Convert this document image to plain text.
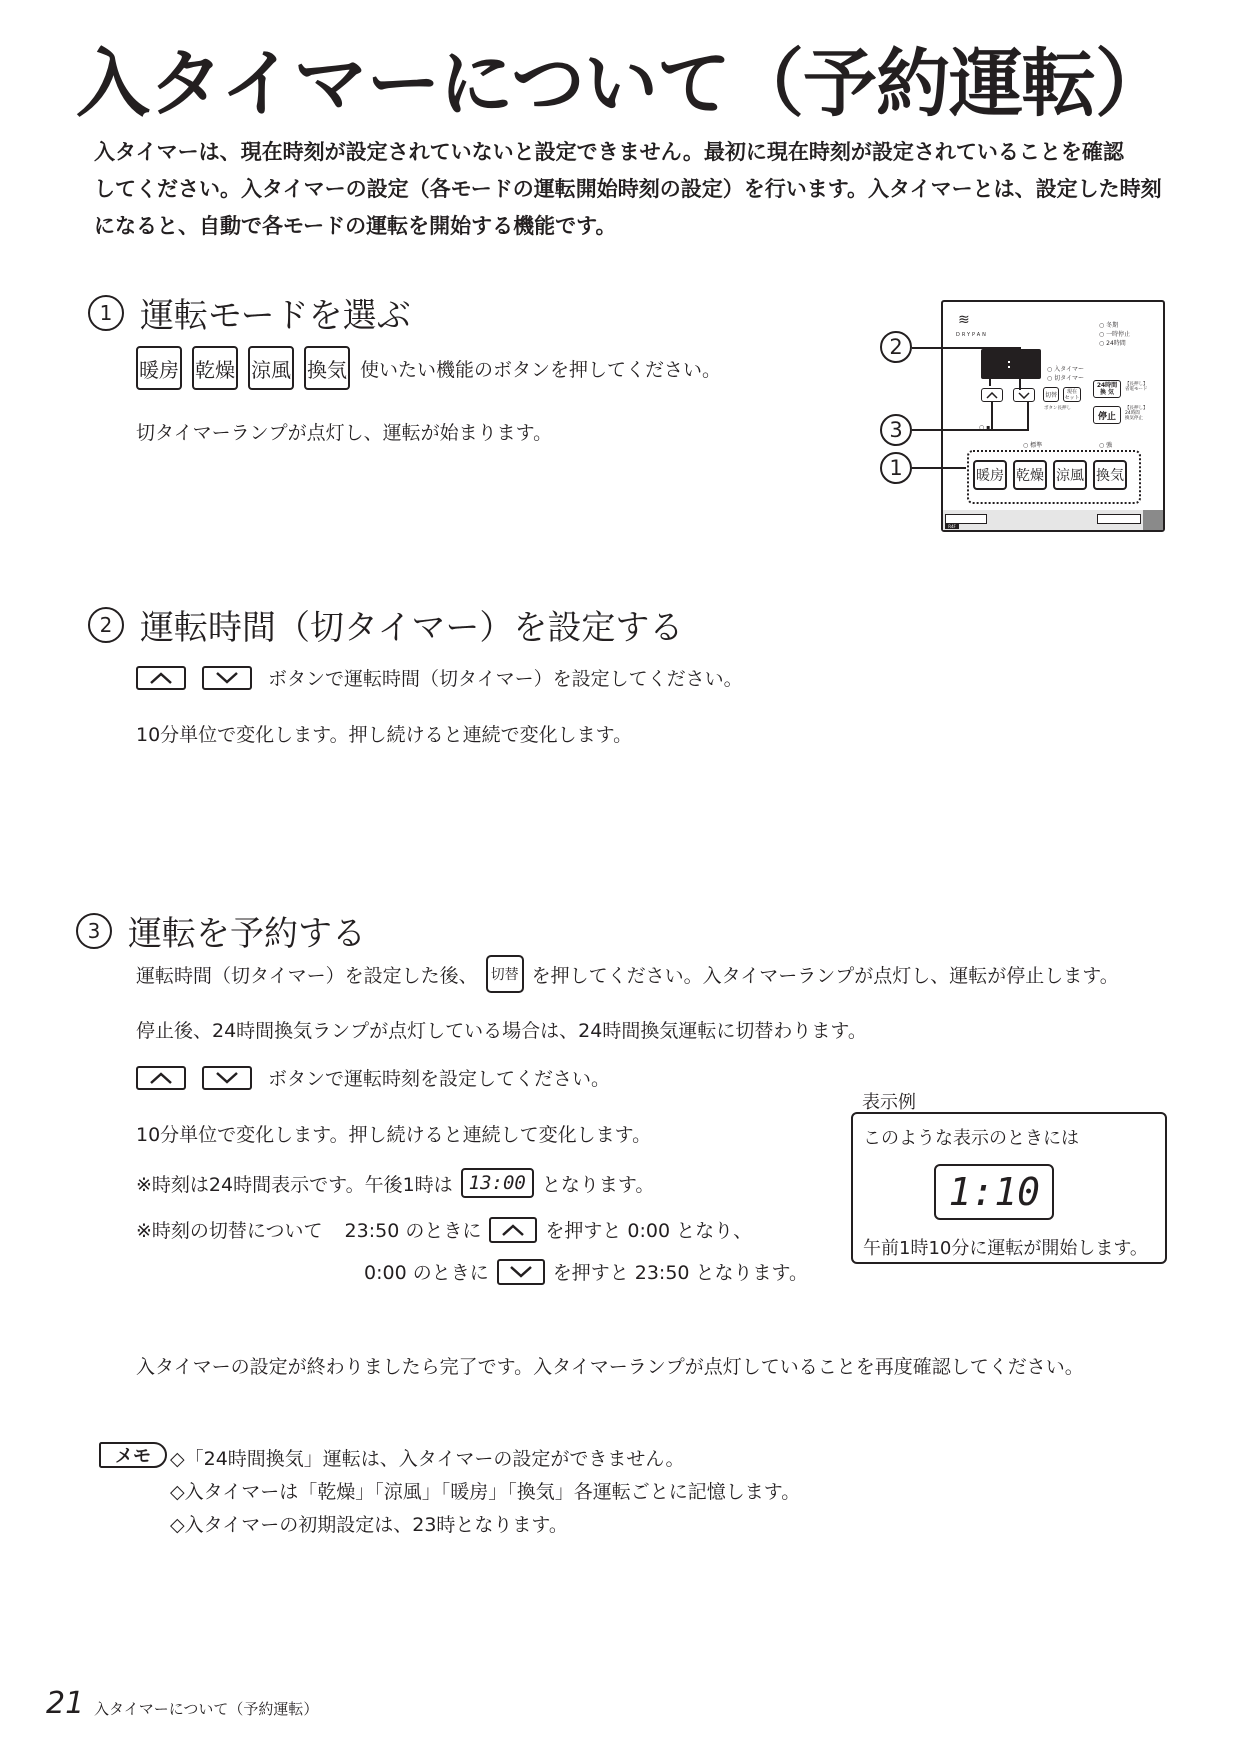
入タイマーについて（予約運転）
入タイマーは、現在時刻が設定されていないと設定できません。最初に現在時刻が設定されていることを確認
してください。入タイマーの設定（各モードの運転開始時刻の設定）を行います。入タイマーとは、設定した時刻
になると、自動で各モードの運転を開始する機能です。
1 運転モードを選ぶ
暖房 乾燥 涼風 換気 使いたい機能のボタンを押してください。
切タイマーランプが点灯し、運転が始まります。
≋
DRYPAN
○ 入タイマー
○ 切タイマー
○ 冬期
○ 一時停止
○ 24時間
切替
現在
セット
ボタン長押し
24時間
換 気
【長押し】
省電モード
停止
【長押し】
24時間
換気停止
○ ▪
○ 標準	○ 強
暖房 乾燥 涼風 換気
R4F
2
3
1
2 運転時間（切タイマー）を設定する
ボタンで運転時間（切タイマー）を設定してください。
10分単位で変化します。押し続けると連続で変化します。
3 運転を予約する
運転時間（切タイマー）を設定した後、 切替 を押してください。入タイマーランプが点灯し、運転が停止します。
停止後、24時間換気ランプが点灯している場合は、24時間換気運転に切替わります。
ボタンで運転時刻を設定してください。
10分単位で変化します。押し続けると連続して変化します。
※時刻は24時間表示です。午後1時は 13:00 となります。
※時刻の切替について 23:50 のときに	を押すと 0:00 となり、
0:00 のときに	を押すと 23:50 となります。
表示例
このような表示のときには
1:10
午前1時10分に運転が開始します。
入タイマーの設定が終わりましたら完了です。入タイマーランプが点灯していることを再度確認してください。
メモ	◇「24時間換気」運転は、入タイマーの設定ができません。
◇入タイマーは「乾燥」「涼風」「暖房」「換気」各運転ごとに記憶します。
◇入タイマーの初期設定は、23時となります。
21 入タイマーについて（予約運転）
